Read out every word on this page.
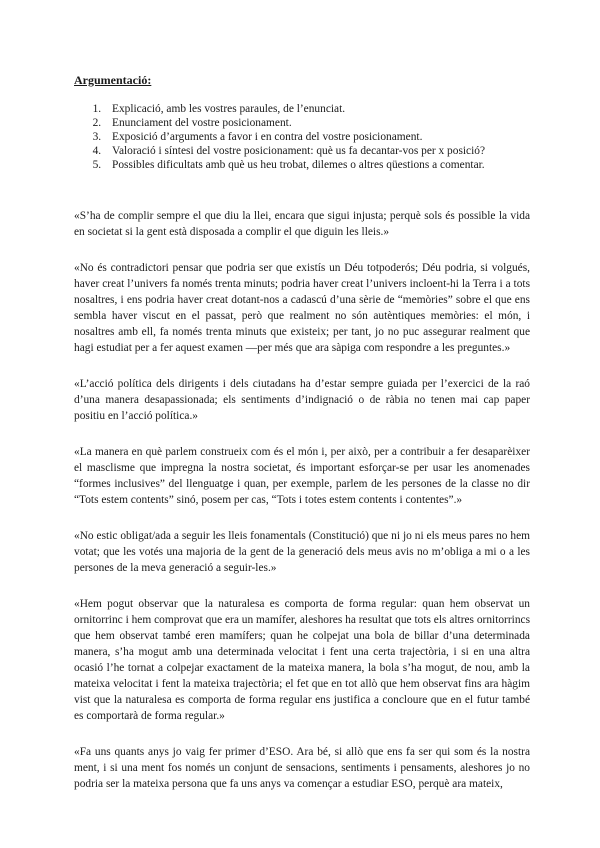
Argumentació:

1. Explicació, amb les vostres paraules, de l’enunciat.
2. Enunciament del vostre posicionament.
3. Exposició d’arguments a favor i en contra del vostre posicionament.
4. Valoració i síntesi del vostre posicionament: què us fa decantar-vos per x posició?
5. Possibles dificultats amb què us heu trobat, dilemes o altres qüestions a comentar.

«S’ha de complir sempre el que diu la llei, encara que sigui injusta; perquè sols és possible la vida en societat si la gent està disposada a complir el que diguin les lleis.»

«No és contradictori pensar que podria ser que existís un Déu totpoderós; Déu podria, si volgués, haver creat l’univers fa només trenta minuts; podria haver creat l’univers incloent-hi la Terra i a tots nosaltres, i ens podria haver creat dotant-nos a cadascú d’una sèrie de “memòries” sobre el que ens sembla haver viscut en el passat, però que realment no són autèntiques memòries: el món, i nosaltres amb ell, fa només trenta minuts que existeix; per tant, jo no puc assegurar realment que hagi estudiat per a fer aquest examen —per més que ara sàpiga com respondre a les preguntes.»

«L’acció política dels dirigents i dels ciutadans ha d’estar sempre guiada per l’exercici de la raó d’una manera desapassionada; els sentiments d’indignació o de ràbia no tenen mai cap paper positiu en l’acció política.»

«La manera en què parlem construeix com és el món i, per això, per a contribuir a fer desaparèixer el masclisme que impregna la nostra societat, és important esforçar-se per usar les anomenades “formes inclusives” del llenguatge i quan, per exemple, parlem de les persones de la classe no dir “Tots estem contents” sinó, posem per cas, “Tots i totes estem contents i contentes”.»

«No estic obligat/ada a seguir les lleis fonamentals (Constitució) que ni jo ni els meus pares no hem votat; que les votés una majoria de la gent de la generació dels meus avis no m’obliga a mi o a les persones de la meva generació a seguir-les.»

«Hem pogut observar que la naturalesa es comporta de forma regular: quan hem observat un ornitorrinc i hem comprovat que era un mamífer, aleshores ha resultat que tots els altres ornitorrincs que hem observat també eren mamífers; quan he colpejat una bola de billar d’una determinada manera, s’ha mogut amb una determinada velocitat i fent una certa trajectòria, i si en una altra ocasió l’he tornat a colpejar exactament de la mateixa manera, la bola s’ha mogut, de nou, amb la mateixa velocitat i fent la mateixa trajectòria; el fet que en tot allò que hem observat fins ara hàgim vist que la naturalesa es comporta de forma regular ens justifica a concloure que en el futur també es comportarà de forma regular.»

«Fa uns quants anys jo vaig fer primer d’ESO. Ara bé, si allò que ens fa ser qui som és la nostra ment, i si una ment fos només un conjunt de sensacions, sentiments i pensaments, aleshores jo no podria ser la mateixa persona que fa uns anys va començar a estudiar ESO, perquè ara mateix,
